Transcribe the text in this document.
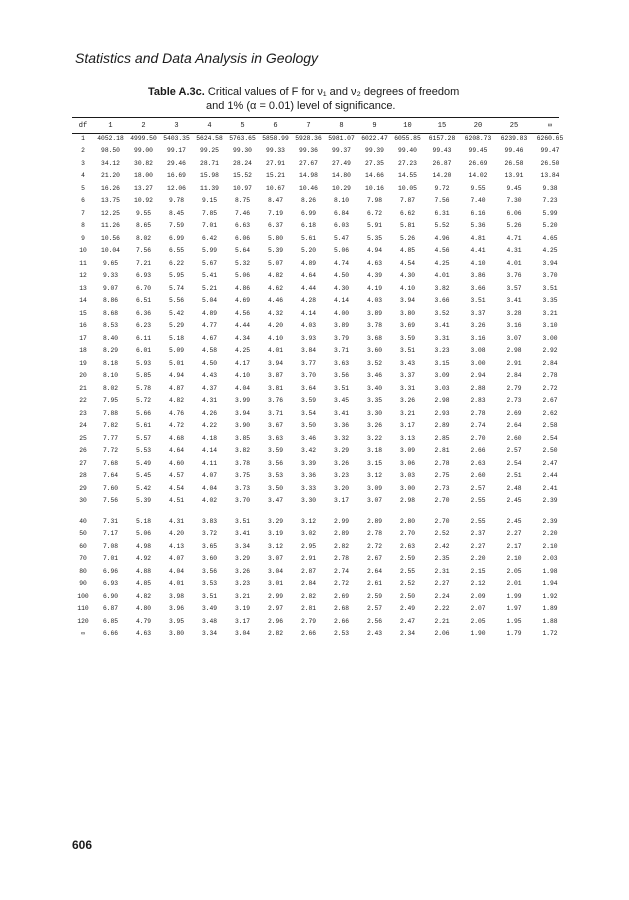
Statistics and Data Analysis in Geology
Table A.3c. Critical values of F for ν₁ and ν₂ degrees of freedom
and 1% (α = 0.01) level of significance.
df	1	2	3	4	5	6	7	8	9	10	15	20	25	∞
1	4052.18	4999.50	5403.35	5624.58	5763.65	5858.99	5928.36	5981.07	6022.47	6055.85	6157.28	6208.73	6239.83	6260.65
2	98.50	99.00	99.17	99.25	99.30	99.33	99.36	99.37	99.39	99.40	99.43	99.45	99.46	99.47
3	34.12	30.82	29.46	28.71	28.24	27.91	27.67	27.49	27.35	27.23	26.87	26.69	26.58	26.50
4	21.20	18.00	16.69	15.98	15.52	15.21	14.98	14.80	14.66	14.55	14.20	14.02	13.91	13.84
5	16.26	13.27	12.06	11.39	10.97	10.67	10.46	10.29	10.16	10.05	9.72	9.55	9.45	9.38
6	13.75	10.92	9.78	9.15	8.75	8.47	8.26	8.10	7.98	7.87	7.56	7.40	7.30	7.23
7	12.25	9.55	8.45	7.85	7.46	7.19	6.99	6.84	6.72	6.62	6.31	6.16	6.06	5.99
8	11.26	8.65	7.59	7.01	6.63	6.37	6.18	6.03	5.91	5.81	5.52	5.36	5.26	5.20
9	10.56	8.02	6.99	6.42	6.06	5.80	5.61	5.47	5.35	5.26	4.96	4.81	4.71	4.65
10	10.04	7.56	6.55	5.99	5.64	5.39	5.20	5.06	4.94	4.85	4.56	4.41	4.31	4.25
11	9.65	7.21	6.22	5.67	5.32	5.07	4.89	4.74	4.63	4.54	4.25	4.10	4.01	3.94
12	9.33	6.93	5.95	5.41	5.06	4.82	4.64	4.50	4.39	4.30	4.01	3.86	3.76	3.70
13	9.07	6.70	5.74	5.21	4.86	4.62	4.44	4.30	4.19	4.10	3.82	3.66	3.57	3.51
14	8.86	6.51	5.56	5.04	4.69	4.46	4.28	4.14	4.03	3.94	3.66	3.51	3.41	3.35
15	8.68	6.36	5.42	4.89	4.56	4.32	4.14	4.00	3.89	3.80	3.52	3.37	3.28	3.21
16	8.53	6.23	5.29	4.77	4.44	4.20	4.03	3.89	3.78	3.69	3.41	3.26	3.16	3.10
17	8.40	6.11	5.18	4.67	4.34	4.10	3.93	3.79	3.68	3.59	3.31	3.16	3.07	3.00
18	8.29	6.01	5.09	4.58	4.25	4.01	3.84	3.71	3.60	3.51	3.23	3.08	2.98	2.92
19	8.18	5.93	5.01	4.50	4.17	3.94	3.77	3.63	3.52	3.43	3.15	3.00	2.91	2.84
20	8.10	5.85	4.94	4.43	4.10	3.87	3.70	3.56	3.46	3.37	3.09	2.94	2.84	2.78
21	8.02	5.78	4.87	4.37	4.04	3.81	3.64	3.51	3.40	3.31	3.03	2.88	2.79	2.72
22	7.95	5.72	4.82	4.31	3.99	3.76	3.59	3.45	3.35	3.26	2.98	2.83	2.73	2.67
23	7.88	5.66	4.76	4.26	3.94	3.71	3.54	3.41	3.30	3.21	2.93	2.78	2.69	2.62
24	7.82	5.61	4.72	4.22	3.90	3.67	3.50	3.36	3.26	3.17	2.89	2.74	2.64	2.58
25	7.77	5.57	4.68	4.18	3.85	3.63	3.46	3.32	3.22	3.13	2.85	2.70	2.60	2.54
26	7.72	5.53	4.64	4.14	3.82	3.59	3.42	3.29	3.18	3.09	2.81	2.66	2.57	2.50
27	7.68	5.49	4.60	4.11	3.78	3.56	3.39	3.26	3.15	3.06	2.78	2.63	2.54	2.47
28	7.64	5.45	4.57	4.07	3.75	3.53	3.36	3.23	3.12	3.03	2.75	2.60	2.51	2.44
29	7.60	5.42	4.54	4.04	3.73	3.50	3.33	3.20	3.09	3.00	2.73	2.57	2.48	2.41
30	7.56	5.39	4.51	4.02	3.70	3.47	3.30	3.17	3.07	2.98	2.70	2.55	2.45	2.39

40	7.31	5.18	4.31	3.83	3.51	3.29	3.12	2.99	2.89	2.80	2.70	2.55	2.45	2.39
50	7.17	5.06	4.20	3.72	3.41	3.19	3.02	2.89	2.78	2.70	2.52	2.37	2.27	2.20
60	7.08	4.98	4.13	3.65	3.34	3.12	2.95	2.82	2.72	2.63	2.42	2.27	2.17	2.10
70	7.01	4.92	4.07	3.60	3.29	3.07	2.91	2.78	2.67	2.59	2.35	2.20	2.10	2.03
80	6.96	4.88	4.04	3.56	3.26	3.04	2.87	2.74	2.64	2.55	2.31	2.15	2.05	1.98
90	6.93	4.85	4.01	3.53	3.23	3.01	2.84	2.72	2.61	2.52	2.27	2.12	2.01	1.94
100	6.90	4.82	3.98	3.51	3.21	2.99	2.82	2.69	2.59	2.50	2.24	2.09	1.99	1.92
110	6.87	4.80	3.96	3.49	3.19	2.97	2.81	2.68	2.57	2.49	2.22	2.07	1.97	1.89
120	6.85	4.79	3.95	3.48	3.17	2.96	2.79	2.66	2.56	2.47	2.21	2.05	1.95	1.88
∞	6.66	4.63	3.80	3.34	3.04	2.82	2.66	2.53	2.43	2.34	2.06	1.90	1.79	1.72
606
